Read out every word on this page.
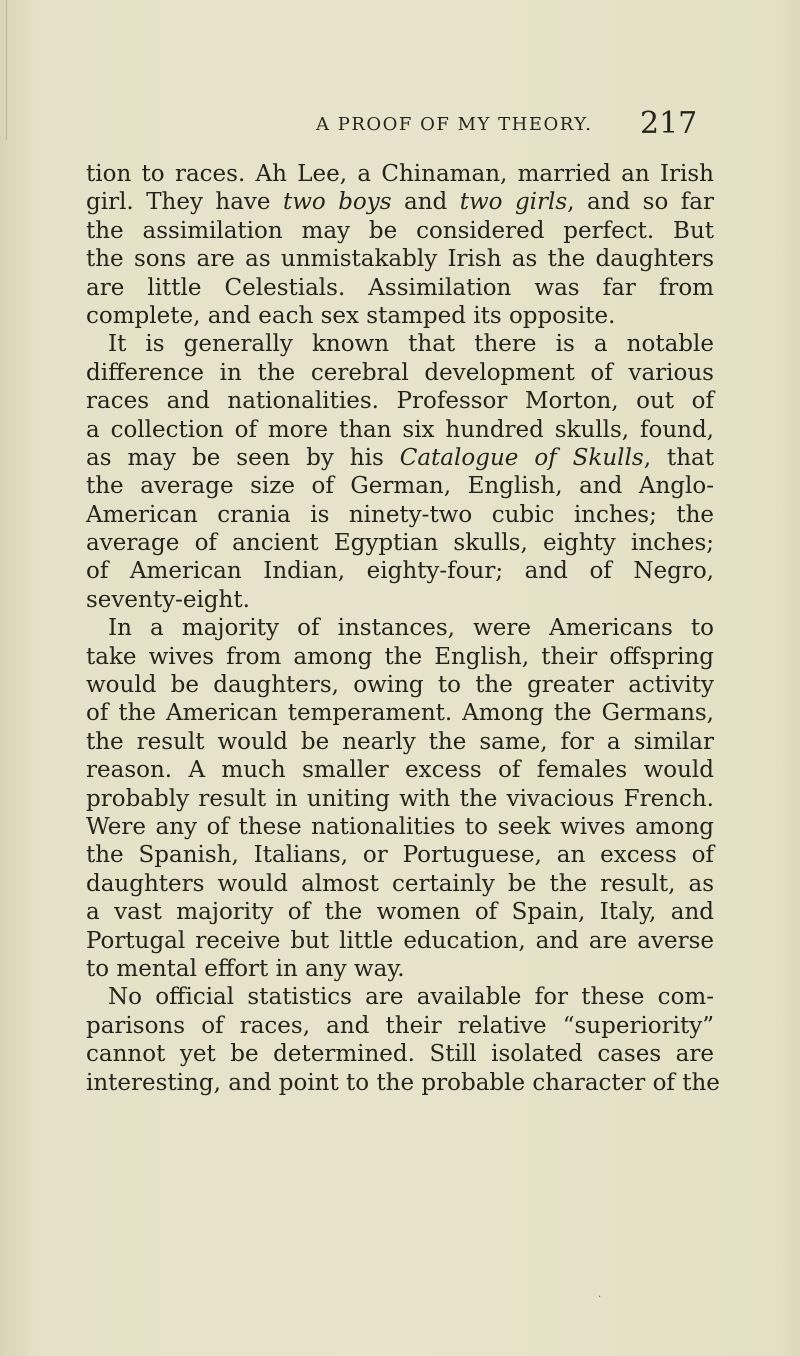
A PROOF OF MY THEORY. 217
tion to races. Ah Lee, a Chinaman, married an Irish
girl. They have two boys and two girls, and so far
the assimilation may be considered perfect. But
the sons are as unmistakably Irish as the daughters
are little Celestials. Assimilation was far from
complete, and each sex stamped its opposite.
It is generally known that there is a notable
difference in the cerebral development of various
races and nationalities. Professor Morton, out of
a collection of more than six hundred skulls, found,
as may be seen by his Catalogue of Skulls, that
the average size of German, English, and Anglo-
American crania is ninety-two cubic inches; the
average of ancient Egyptian skulls, eighty inches;
of American Indian, eighty-four; and of Negro,
seventy-eight.
In a majority of instances, were Americans to
take wives from among the English, their offspring
would be daughters, owing to the greater activity
of the American temperament. Among the Germans,
the result would be nearly the same, for a similar
reason. A much smaller excess of females would
probably result in uniting with the vivacious French.
Were any of these nationalities to seek wives among
the Spanish, Italians, or Portuguese, an excess of
daughters would almost certainly be the result, as
a vast majority of the women of Spain, Italy, and
Portugal receive but little education, and are averse
to mental effort in any way.
No official statistics are available for these com-
parisons of races, and their relative “superiority”
cannot yet be determined. Still isolated cases are
interesting, and point to the probable character of the
·
